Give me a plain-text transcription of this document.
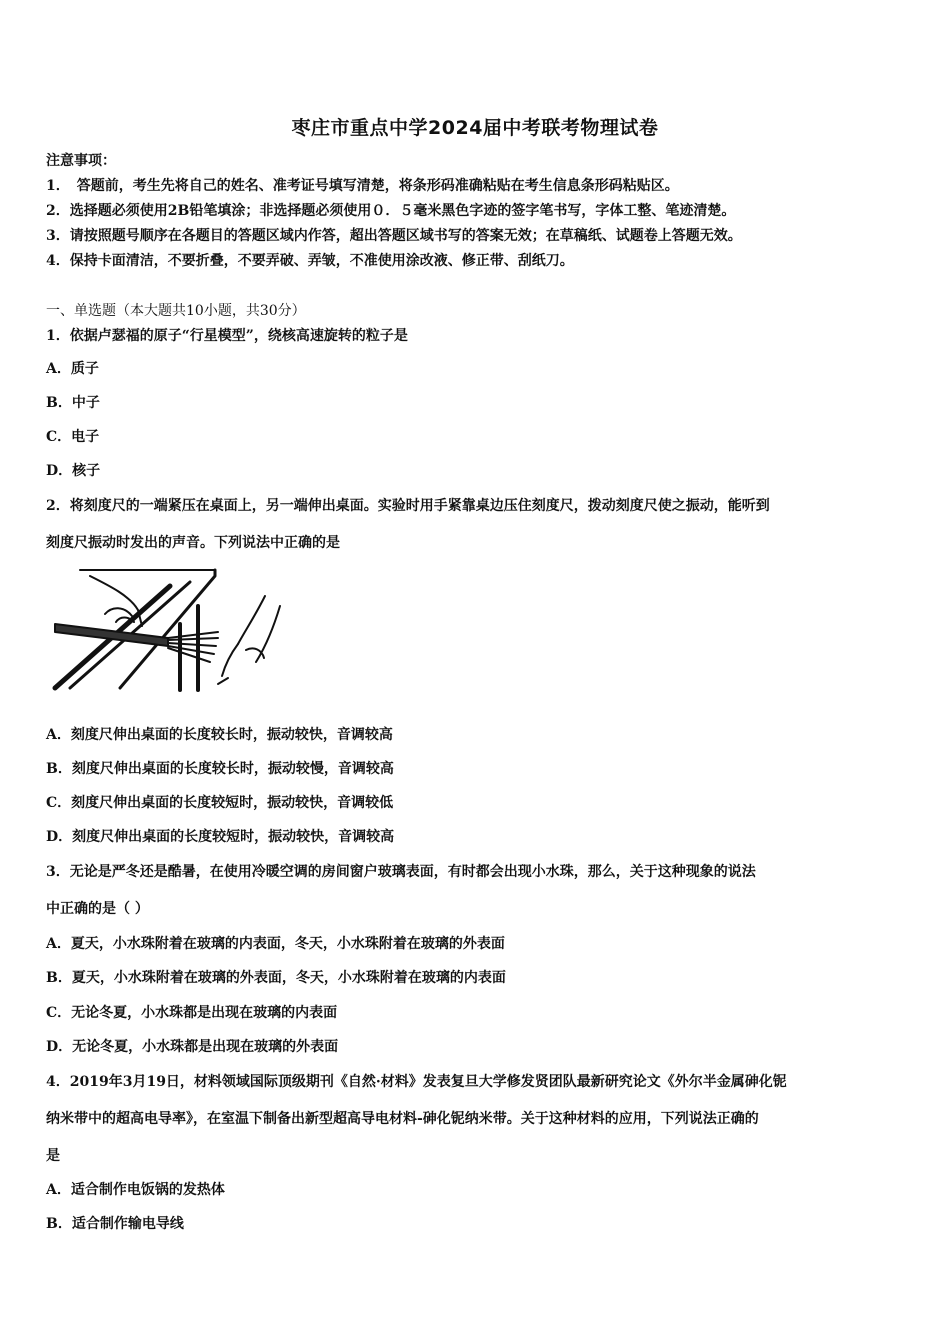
枣庄市重点中学2024届中考联考物理试卷
注意事项：
1．　答题前，考生先将自己的姓名、准考证号填写清楚，将条形码准确粘贴在考生信息条形码粘贴区。
2．选择题必须使用2B铅笔填涂；非选择题必须使用０．５毫米黑色字迹的签字笔书写，字体工整、笔迹清楚。
3．请按照题号顺序在各题目的答题区域内作答，超出答题区域书写的答案无效；在草稿纸、试题卷上答题无效。
4．保持卡面清洁，不要折叠，不要弄破、弄皱，不准使用涂改液、修正带、刮纸刀。
一、单选题（本大题共10小题，共30分）
1．依据卢瑟福的原子“行星模型”，绕核高速旋转的粒子是
A．质子
B．中子
C．电子
D．核子
2．将刻度尺的一端紧压在桌面上，另一端伸出桌面。实验时用手紧靠桌边压住刻度尺，拨动刻度尺使之振动，能听到
刻度尺振动时发出的声音。下列说法中正确的是
A．刻度尺伸出桌面的长度较长时，振动较快，音调较高
B．刻度尺伸出桌面的长度较长时，振动较慢，音调较高
C．刻度尺伸出桌面的长度较短时，振动较快，音调较低
D．刻度尺伸出桌面的长度较短时，振动较快，音调较高
3．无论是严冬还是酷暑，在使用冷暖空调的房间窗户玻璃表面，有时都会出现小水珠，那么，关于这种现象的说法
中正确的是（ ）
A．夏天，小水珠附着在玻璃的内表面，冬天，小水珠附着在玻璃的外表面
B．夏天，小水珠附着在玻璃的外表面，冬天，小水珠附着在玻璃的内表面
C．无论冬夏，小水珠都是出现在玻璃的内表面
D．无论冬夏，小水珠都是出现在玻璃的外表面
4．2019年3月19日，材料领域国际顶级期刊《自然·材料》发表复旦大学修发贤团队最新研究论文《外尔半金属砷化铌
纳米带中的超高电导率》，在室温下制备出新型超高导电材料-砷化铌纳米带。关于这种材料的应用，下列说法正确的
是
A．适合制作电饭锅的发热体
B．适合制作输电导线
